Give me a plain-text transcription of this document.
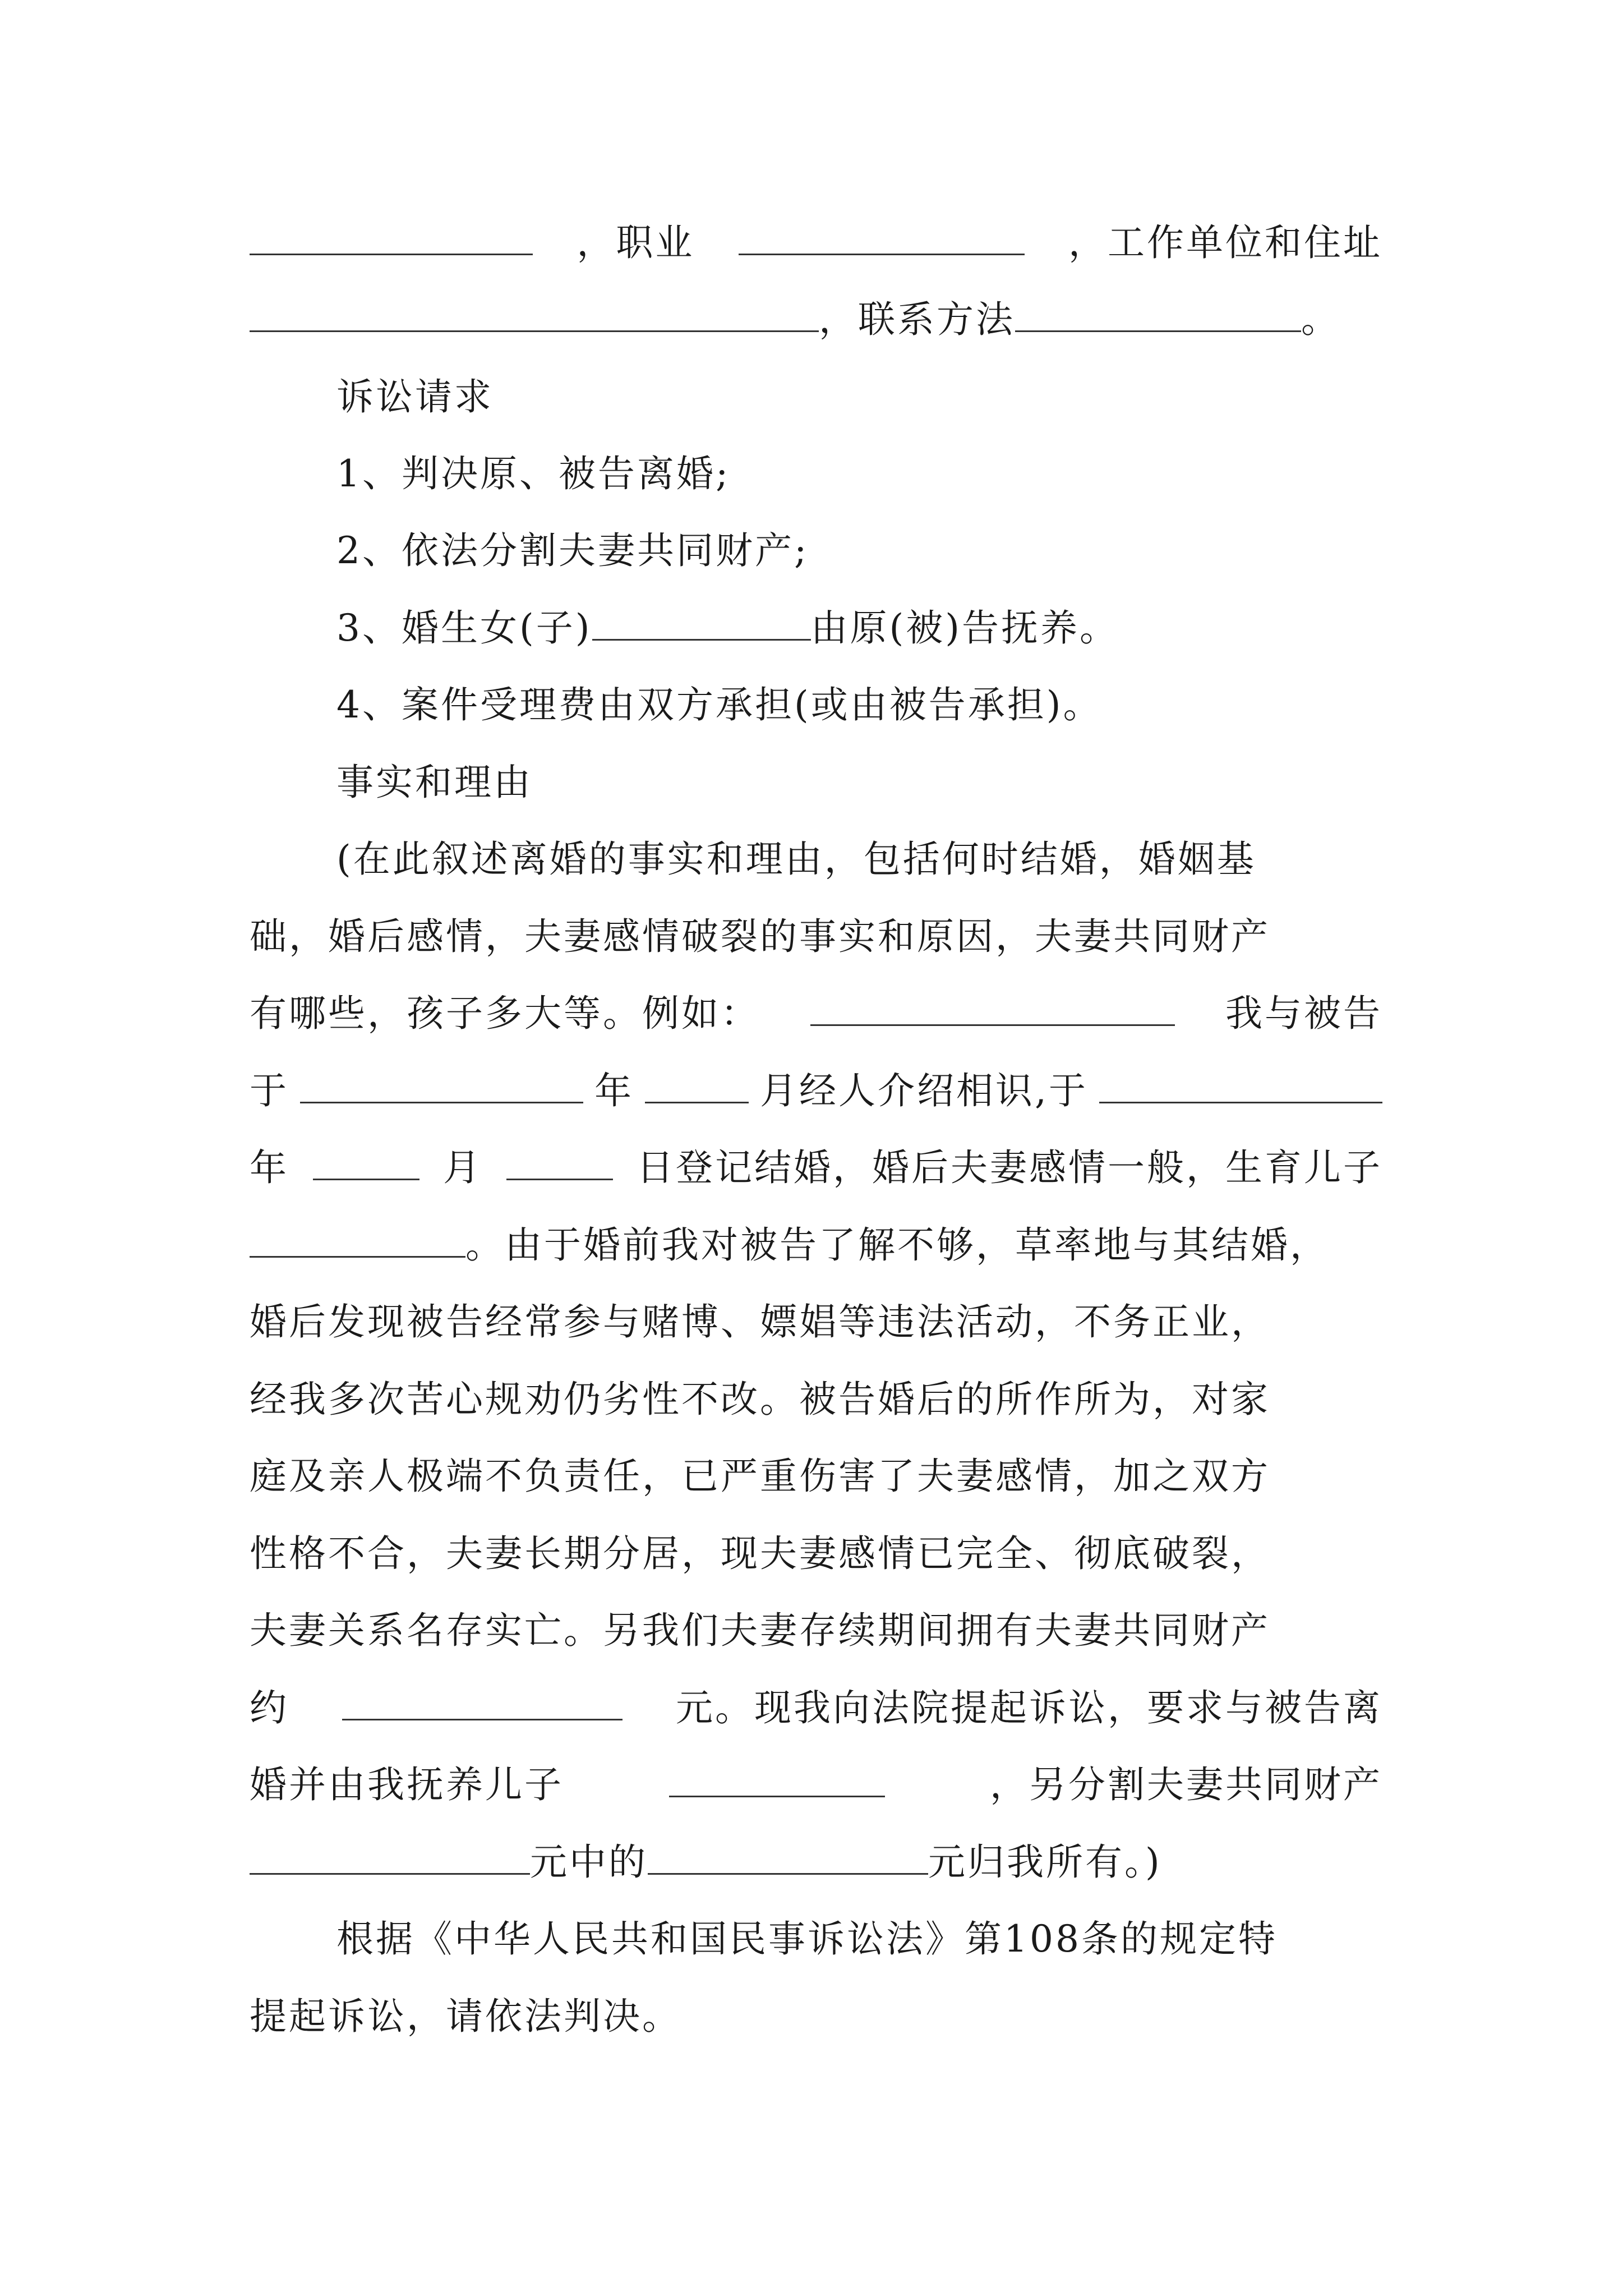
，职业	，工作单位和住址
，联系方法	。
诉讼请求
1、判决原、被告离婚;
2、依法分割夫妻共同财产;
3、婚生女(子)	由原(被)告抚养。
4、案件受理费由双方承担(或由被告承担)。
事实和理由
(在此叙述离婚的事实和理由，包括何时结婚，婚姻基
础，婚后感情，夫妻感情破裂的事实和原因，夫妻共同财产
有哪些，孩子多大等。例如：	我与被告
于	年	月经人介绍相识,于
年	月	日登记结婚，婚后夫妻感情一般，生育儿子
。由于婚前我对被告了解不够，草率地与其结婚，
婚后发现被告经常参与赌博、嫖娼等违法活动，不务正业，
经我多次苦心规劝仍劣性不改。被告婚后的所作所为，对家
庭及亲人极端不负责任，已严重伤害了夫妻感情，加之双方
性格不合，夫妻长期分居，现夫妻感情已完全、彻底破裂，
夫妻关系名存实亡。另我们夫妻存续期间拥有夫妻共同财产
约	元。现我向法院提起诉讼，要求与被告离
婚并由我抚养儿子	，另分割夫妻共同财产
元中的	元归我所有。)
根据《中华人民共和国民事诉讼法》第108条的规定特
提起诉讼，请依法判决。
